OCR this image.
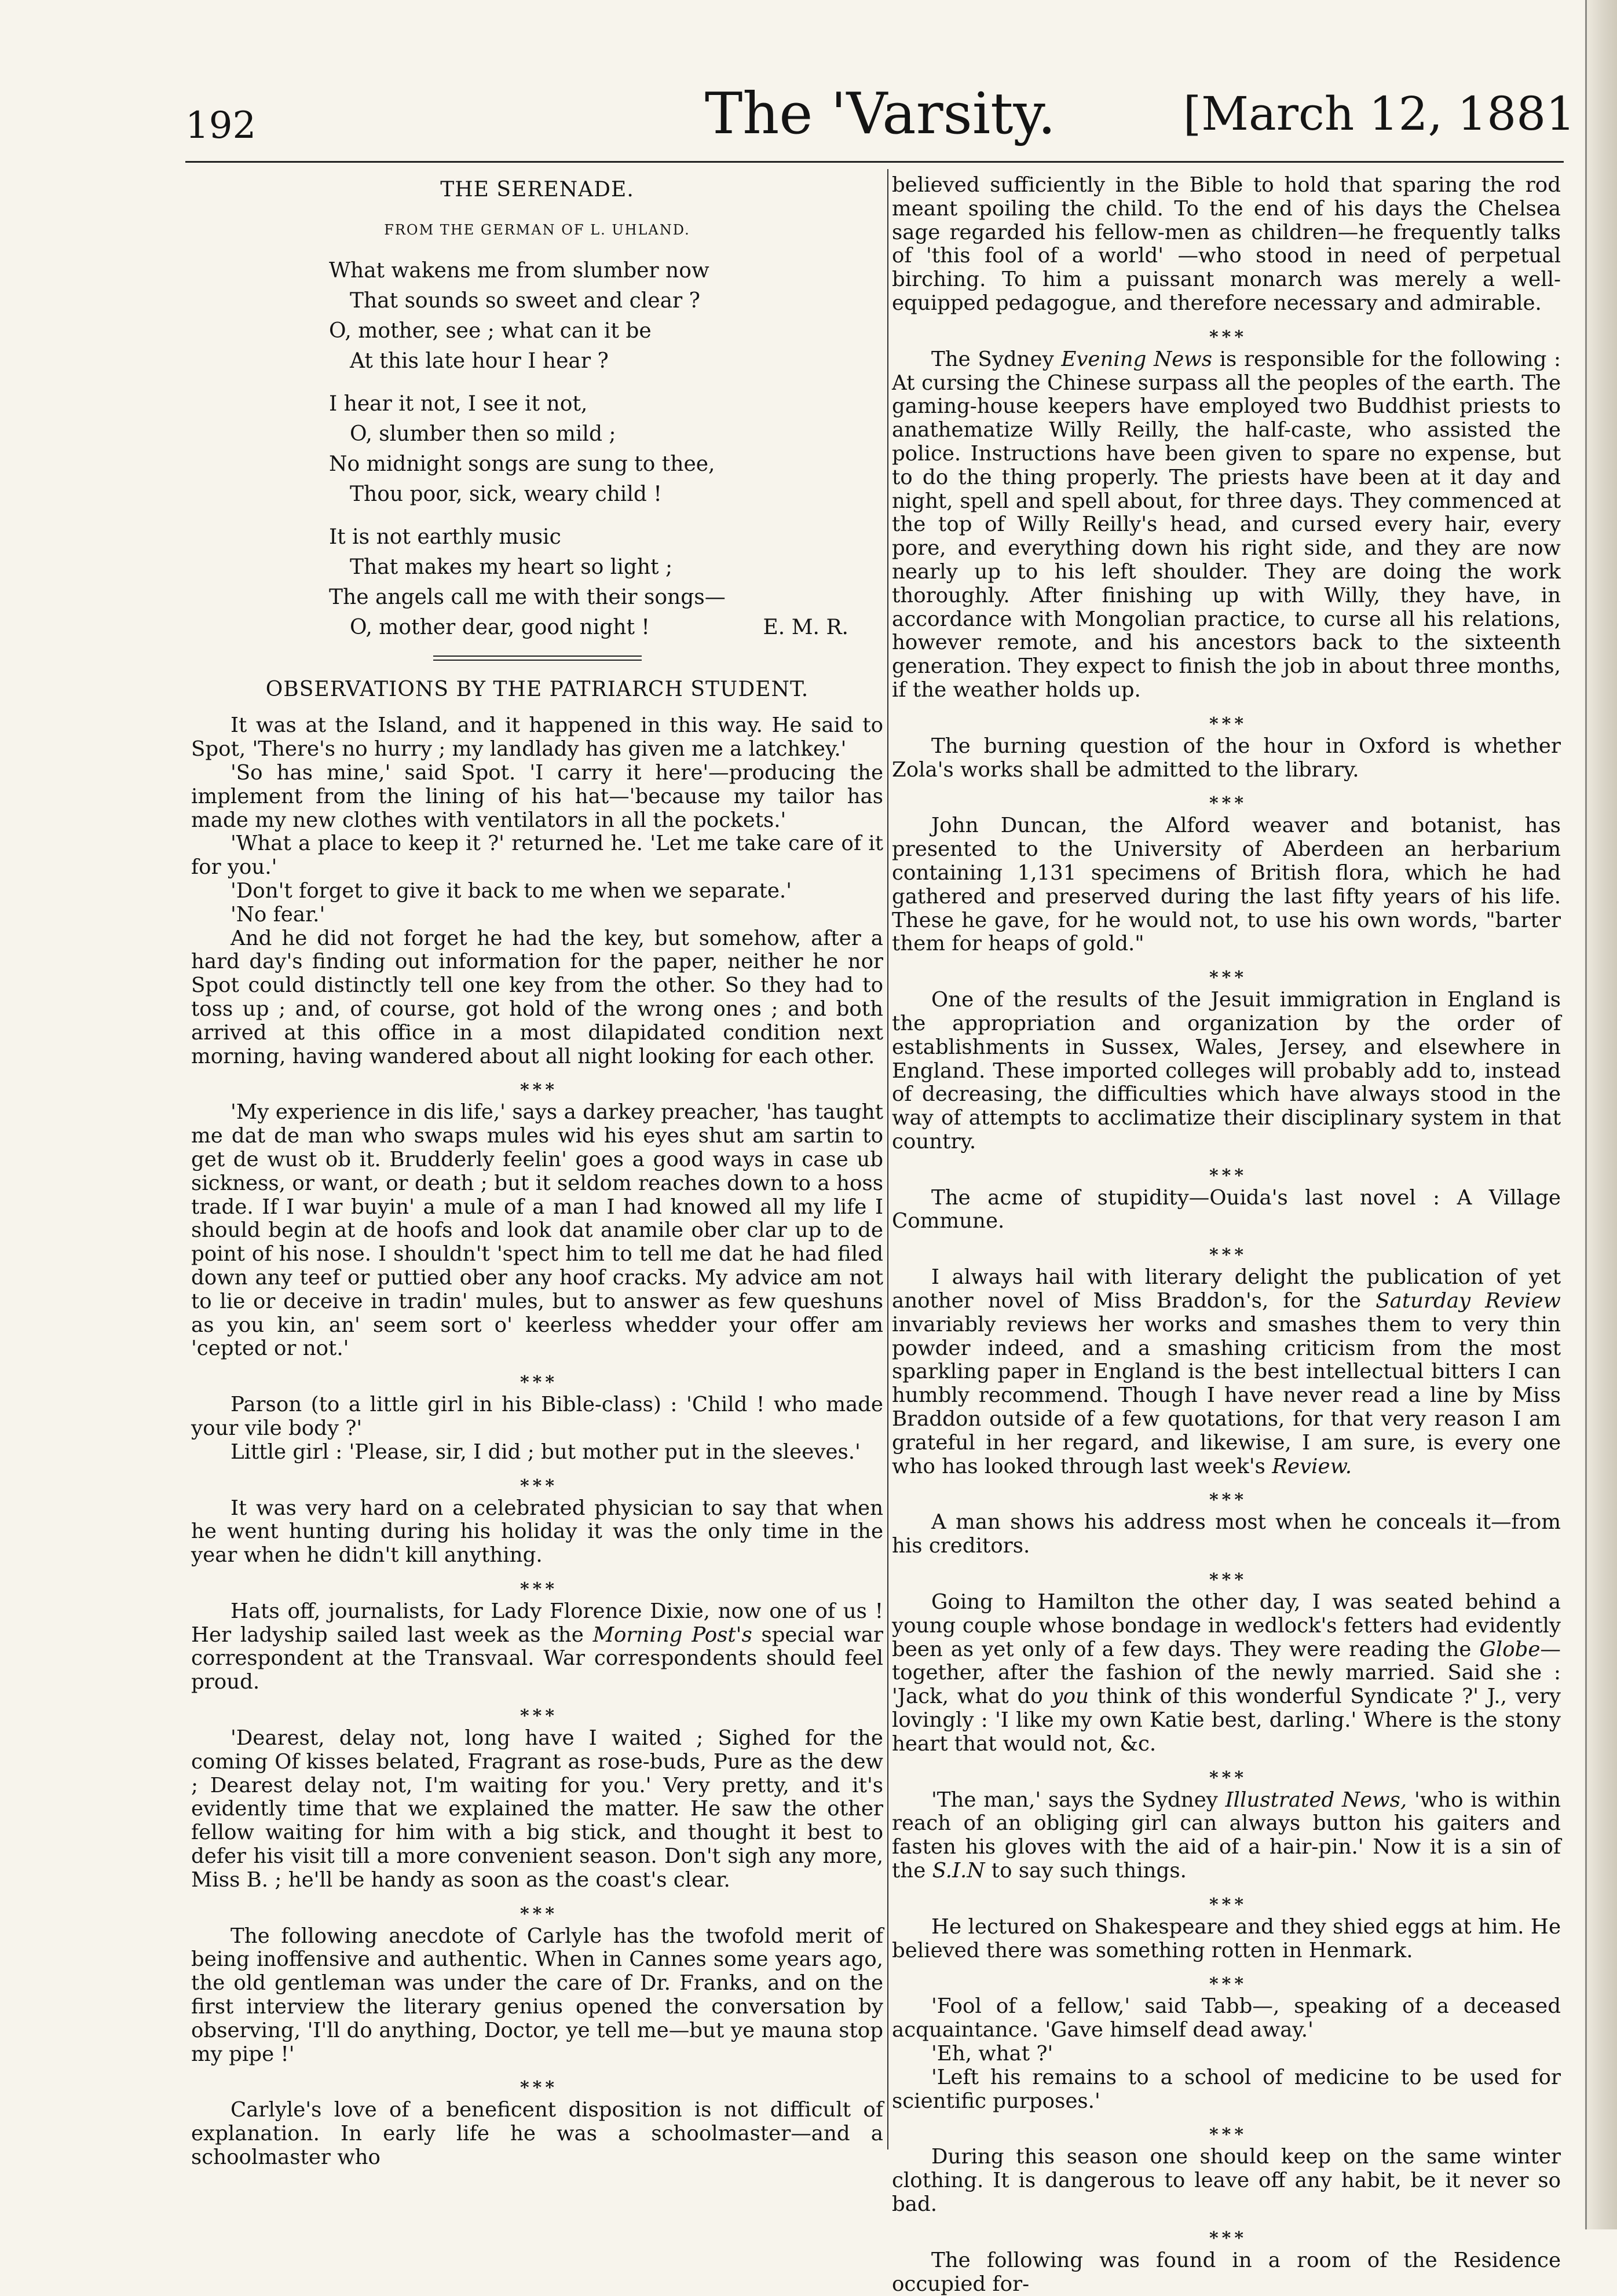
192	The 'Varsity.	[March 12, 1881
THE SERENADE.
FROM THE GERMAN OF L. UHLAND.
What wakens me from slumber now
That sounds so sweet and clear ?
O, mother, see ; what can it be
At this late hour I hear ?
I hear it not, I see it not,
O, slumber then so mild ;
No midnight songs are sung to thee,
Thou poor, sick, weary child !
It is not earthly music
That makes my heart so light ;
The angels call me with their songs—
O, mother dear, good night !	E. M. R.
OBSERVATIONS BY THE PATRIARCH STUDENT.

It was at the Island, and it happened in this way. He said to Spot, 'There's no hurry ; my landlady has given me a latchkey.'

'So has mine,' said Spot. 'I carry it here'—producing the implement from the lining of his hat—'because my tailor has made my new clothes with ventilators in all the pockets.'

'What a place to keep it ?' returned he. 'Let me take care of it for you.'

'Don't forget to give it back to me when we separate.'

'No fear.'

And he did not forget he had the key, but somehow, after a hard day's finding out information for the paper, neither he nor Spot could distinctly tell one key from the other. So they had to toss up ; and, of course, got hold of the wrong ones ; and both arrived at this office in a most dilapidated condition next morning, having wandered about all night looking for each other.

* * *

'My experience in dis life,' says a darkey preacher, 'has taught me dat de man who swaps mules wid his eyes shut am sartin to get de wust ob it. Brudderly feelin' goes a good ways in case ub sickness, or want, or death ; but it seldom reaches down to a hoss trade. If I war buyin' a mule of a man I had knowed all my life I should begin at de hoofs and look dat anamile ober clar up to de point of his nose. I shouldn't 'spect him to tell me dat he had filed down any teef or puttied ober any hoof cracks. My advice am not to lie or deceive in tradin' mules, but to answer as few queshuns as you kin, an' seem sort o' keerless whedder your offer am 'cepted or not.'

* * *

Parson (to a little girl in his Bible-class) : 'Child ! who made your vile body ?'

Little girl : 'Please, sir, I did ; but mother put in the sleeves.'

* * *

It was very hard on a celebrated physician to say that when he went hunting during his holiday it was the only time in the year when he didn't kill anything.

* * *

Hats off, journalists, for Lady Florence Dixie, now one of us ! Her ladyship sailed last week as the Morning Post's special war correspondent at the Transvaal. War correspondents should feel proud.

* * *

'Dearest, delay not, long have I waited ; Sighed for the coming Of kisses belated, Fragrant as rose-buds, Pure as the dew ; Dearest delay not, I'm waiting for you.' Very pretty, and it's evidently time that we explained the matter. He saw the other fellow waiting for him with a big stick, and thought it best to defer his visit till a more convenient season. Don't sigh any more, Miss B. ; he'll be handy as soon as the coast's clear.

* * *

The following anecdote of Carlyle has the twofold merit of being inoffensive and authentic. When in Cannes some years ago, the old gentleman was under the care of Dr. Franks, and on the first interview the literary genius opened the conversation by observing, 'I'll do anything, Doctor, ye tell me—but ye mauna stop my pipe !'

* * *

Carlyle's love of a beneficent disposition is not difficult of explanation. In early life he was a schoolmaster—and a schoolmaster who

believed sufficiently in the Bible to hold that sparing the rod meant spoiling the child. To the end of his days the Chelsea sage regarded his fellow-men as children—he frequently talks of 'this fool of a world' —who stood in need of perpetual birching. To him a puissant monarch was merely a well-equipped pedagogue, and therefore necessary and admirable.

* * *

The Sydney Evening News is responsible for the following : At cursing the Chinese surpass all the peoples of the earth. The gaming-house keepers have employed two Buddhist priests to anathematize Willy Reilly, the half-caste, who assisted the police. Instructions have been given to spare no expense, but to do the thing properly. The priests have been at it day and night, spell and spell about, for three days. They commenced at the top of Willy Reilly's head, and cursed every hair, every pore, and everything down his right side, and they are now nearly up to his left shoulder. They are doing the work thoroughly. After finishing up with Willy, they have, in accordance with Mongolian practice, to curse all his relations, however remote, and his ancestors back to the sixteenth generation. They expect to finish the job in about three months, if the weather holds up.

* * *

The burning question of the hour in Oxford is whether Zola's works shall be admitted to the library.

* * *

John Duncan, the Alford weaver and botanist, has presented to the University of Aberdeen an herbarium containing 1,131 specimens of British flora, which he had gathered and preserved during the last fifty years of his life. These he gave, for he would not, to use his own words, "barter them for heaps of gold."

* * *

One of the results of the Jesuit immigration in England is the appropriation and organization by the order of establishments in Sussex, Wales, Jersey, and elsewhere in England. These imported colleges will probably add to, instead of decreasing, the difficulties which have always stood in the way of attempts to acclimatize their disciplinary system in that country.

* * *

The acme of stupidity—Ouida's last novel : A Village Commune.

* * *

I always hail with literary delight the publication of yet another novel of Miss Braddon's, for the Saturday Review invariably reviews her works and smashes them to very thin powder indeed, and a smashing criticism from the most sparkling paper in England is the best intellectual bitters I can humbly recommend. Though I have never read a line by Miss Braddon outside of a few quotations, for that very reason I am grateful in her regard, and likewise, I am sure, is every one who has looked through last week's Review.

* * *

A man shows his address most when he conceals it—from his creditors.

* * *

Going to Hamilton the other day, I was seated behind a young couple whose bondage in wedlock's fetters had evidently been as yet only of a few days. They were reading the Globe—together, after the fashion of the newly married. Said she : 'Jack, what do you think of this wonderful Syndicate ?' J., very lovingly : 'I like my own Katie best, darling.' Where is the stony heart that would not, &c.

* * *

'The man,' says the Sydney Illustrated News, 'who is within reach of an obliging girl can always button his gaiters and fasten his gloves with the aid of a hair-pin.' Now it is a sin of the S.I.N to say such things.

* * *

He lectured on Shakespeare and they shied eggs at him. He believed there was something rotten in Henmark.

* * *

'Fool of a fellow,' said Tabb—, speaking of a deceased acquaintance. 'Gave himself dead away.'

'Eh, what ?'

'Left his remains to a school of medicine to be used for scientific purposes.'

* * *

During this season one should keep on the same winter clothing. It is dangerous to leave off any habit, be it never so bad.

* * *

The following was found in a room of the Residence occupied for-
